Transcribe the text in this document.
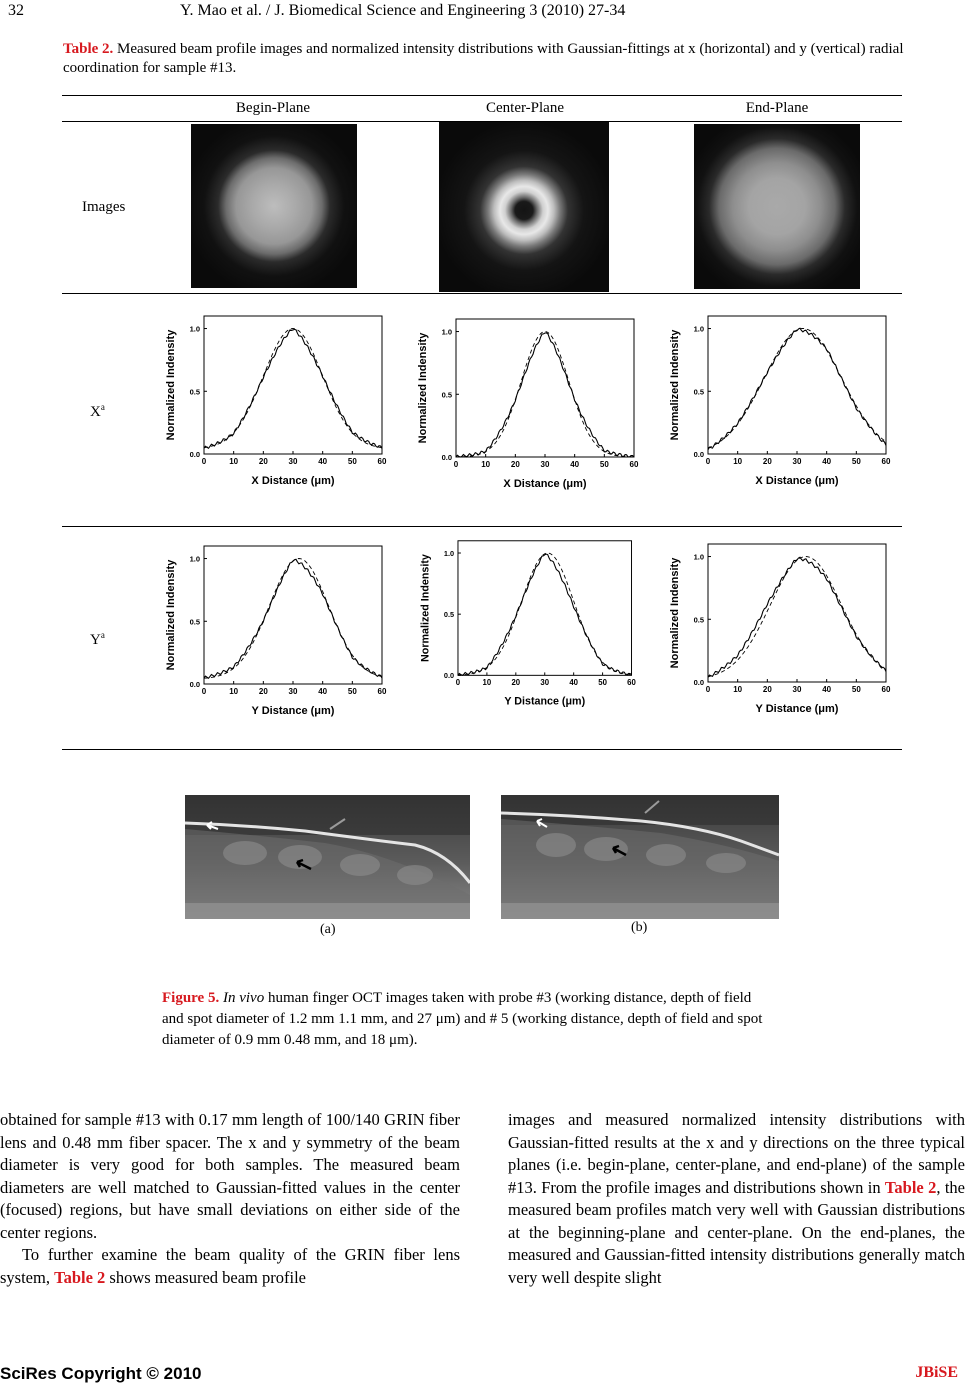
32	Y. Mao et al. / J. Biomedical Science and Engineering 3 (2010) 27-34
Table 2. Measured beam profile images and normalized intensity distributions with Gaussian-fittings at x (horizontal) and y (vertical) radial coordination for sample #13.
Begin-Plane	Center-Plane	End-Plane
Images
$X^a$
0	10	20	30	40	50	60
0.0
0.5
1.0
X Distance (μm)
Normalized Indensity
0	10	20	30	40	50	60
0.0
0.5
1.0
X Distance (μm)
Normalized Indensity
0	10	20	30	40	50	60
0.0
0.5
1.0
X Distance (μm)
Normalized Indensity
$Y^a$
0	10	20	30	40	50	60
0.0
0.5
1.0
Y Distance (μm)
Normalized Indensity
0	10	20	30	40	50	60
0.0
0.5
1.0
Y Distance (μm)
Normalized Indensity
0	10	20	30	40	50	60
0.0
0.5
1.0
Y Distance (μm)
Normalized Indensity
(a)	(b)
Figure 5. In vivo human finger OCT images taken with probe #3 (working distance, depth of field and spot diameter of 1.2 mm 1.1 mm, and 27 μm) and # 5 (working distance, depth of field and spot diameter of 0.9 mm 0.48 mm, and 18 μm).
obtained for sample #13 with 0.17 mm length of 100/140 GRIN fiber lens and 0.48 mm fiber spacer. The x and y symmetry of the beam diameter is very good for both samples. The measured beam diameters are well matched to Gaussian-fitted values in the center (focused) regions, but have small deviations on either side of the center regions.
To further examine the beam quality of the GRIN fiber lens system, Table 2 shows measured beam profile
images and measured normalized intensity distributions with Gaussian-fitted results at the x and y directions on the three typical planes (i.e. begin-plane, center-plane, and end-plane) of the sample #13. From the profile images and distributions shown in Table 2, the measured beam profiles match very well with Gaussian distributions at the beginning-plane and center-plane. On the end-planes, the measured and Gaussian-fitted intensity distributions generally match very well despite slight
SciRes Copyright © 2010	JBiSE
